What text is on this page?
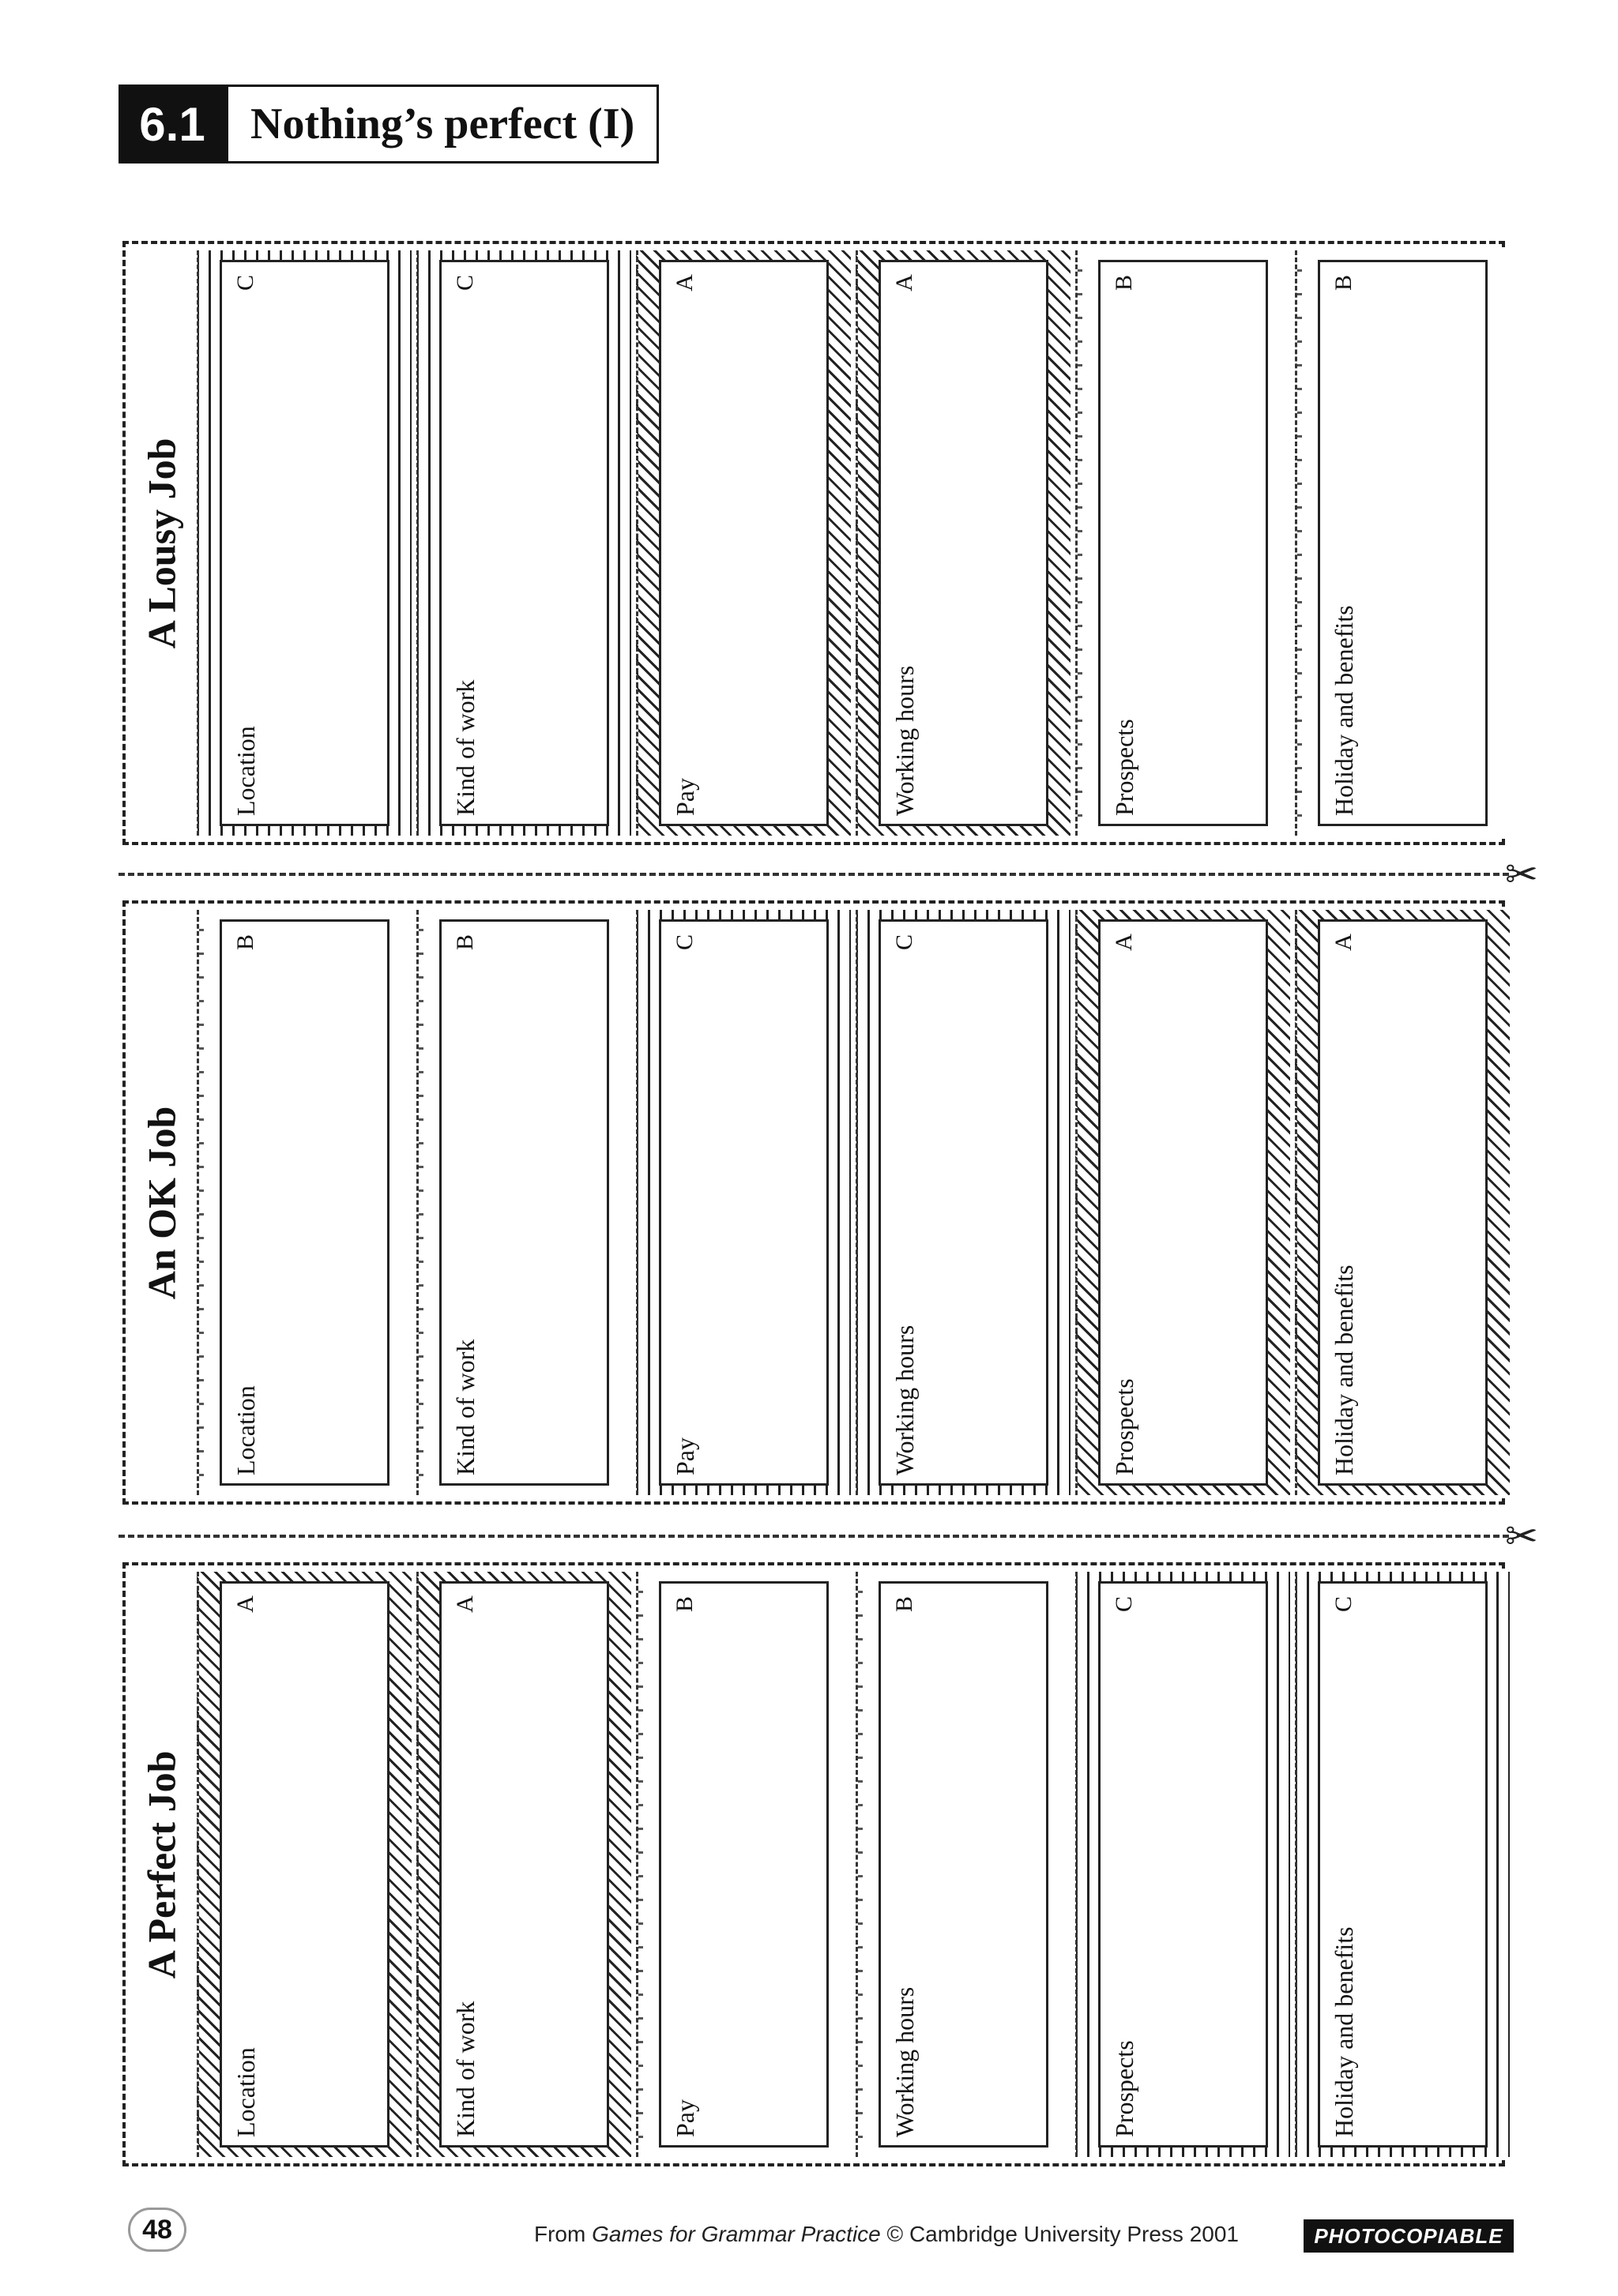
6.1	Nothing’s perfect (I)
A Lousy Job
C
Location
C
Kind of work
A
Pay
A
Working hours
B
Prospects
B
Holiday and benefits
✂
An OK Job
B
Location
B
Kind of work
C
Pay
C
Working hours
A
Prospects
A
Holiday and benefits
✂
A Perfect Job
A
Location
A
Kind of work
B
Pay
B
Working hours
C
Prospects
C
Holiday and benefits
48	From Games for Grammar Practice © Cambridge University Press 2001	PHOTOCOPIABLE
